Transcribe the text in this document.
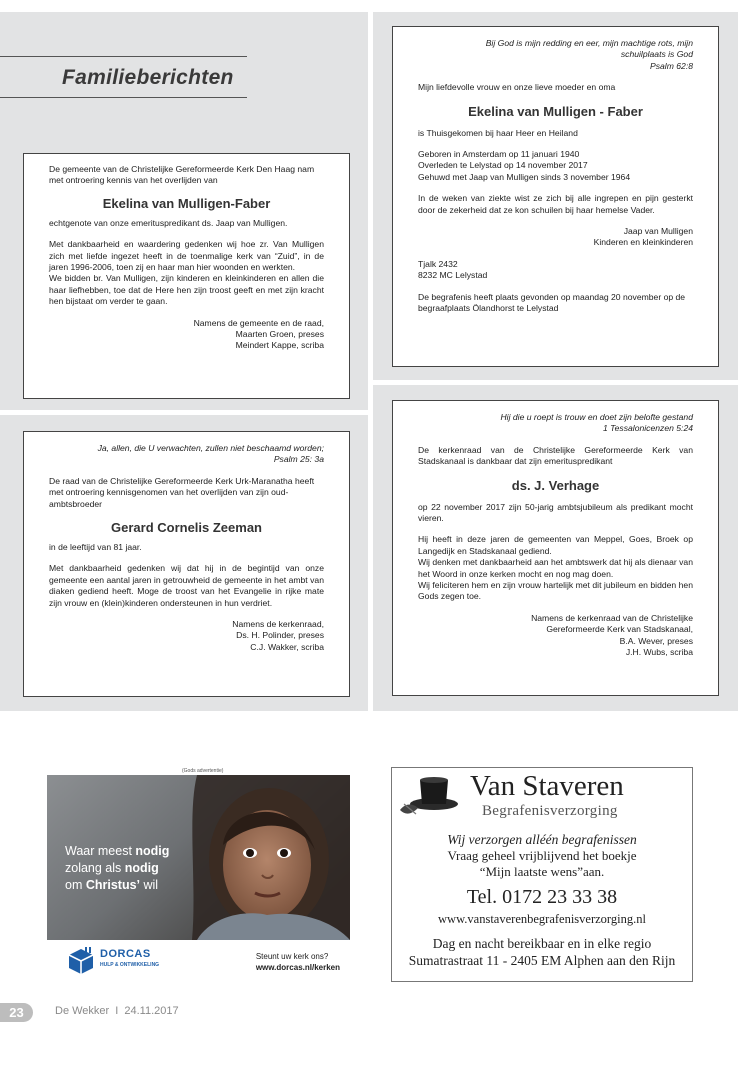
Familieberichten

De gemeente van de Christelijke Gereformeerde Kerk Den Haag nam met ontroering kennis van het overlijden van

Ekelina van Mulligen-Faber

echtgenote van onze emerituspredikant ds. Jaap van Mulligen.

Met dankbaarheid en waardering gedenken wij hoe zr. Van Mulligen zich met liefde ingezet heeft in de toenmalige kerk van “Zuid”, in de jaren 1996-2006, toen zij en haar man hier woonden en werkten.

We bidden br. Van Mulligen, zijn kinderen en kleinkinderen en allen die haar liefhebben, toe dat de Here hen zijn troost geeft en met zijn kracht hen bijstaat om verder te gaan.

Namens de gemeente en de raad,

Maarten Groen, preses

Meindert Kappe, scriba

Bij God is mijn redding en eer, mijn machtige rots, mijn schuilplaats is God

Psalm 62:8

Mijn liefdevolle vrouw en onze lieve moeder en oma

Ekelina van Mulligen - Faber

is Thuisgekomen bij haar Heer en Heiland

Geboren in Amsterdam op 11 januari 1940

Overleden te Lelystad op 14 november 2017

Gehuwd met Jaap van Mulligen sinds 3 november 1964

In de weken van ziekte wist ze zich bij alle ingrepen en pijn gesterkt door de zekerheid dat ze kon schuilen bij haar hemelse Vader.

Jaap van Mulligen

Kinderen en kleinkinderen

Tjalk 2432

8232 MC Lelystad

De begrafenis heeft plaats gevonden op maandag 20 november op de begraafplaats Ölandhorst te Lelystad

Ja, allen, die U verwachten, zullen niet beschaamd worden;

Psalm 25: 3a

De raad van de Christelijke Gereformeerde Kerk Urk-Maranatha heeft met ontroering kennisgenomen van het overlijden van zijn oud-ambtsbroeder

Gerard Cornelis Zeeman

in de leeftijd van 81 jaar.

Met dankbaarheid gedenken wij dat hij in de begintijd van onze gemeente een aantal jaren in getrouwheid de gemeente in het ambt van diaken gediend heeft. Moge de troost van het Evangelie in rijke mate zijn vrouw en (klein)kinderen ondersteunen in hun verdriet.

Namens de kerkenraad,

Ds. H. Polinder, preses

C.J. Wakker, scriba

Hij die u roept is trouw en doet zijn belofte gestand

1 Tessalonicenzen 5:24

De kerkenraad van de Christelijke Gereformeerde Kerk van Stadskanaal is dankbaar dat zijn emerituspredikant

ds. J. Verhage

op 22 november 2017 zijn 50-jarig ambtsjubileum als predikant mocht vieren.

Hij heeft in deze jaren de gemeenten van Meppel, Goes, Broek op Langedijk en Stadskanaal gediend.

Wij denken met dankbaarheid aan het ambtswerk dat hij als dienaar van het Woord in onze kerken mocht en nog mag doen.

Wij feliciteren hem en zijn vrouw hartelijk met dit jubileum en bidden hen Gods zegen toe.

Namens de kerkenraad van de Christelijke

Gereformeerde Kerk van Stadskanaal,

B.A. Wever, preses

J.H. Wubs, scriba

(Gods advertentie)
Waar meest nodig
zolang als nodig
om Christus’ wil
DORCAS
HULP & ONTWIKKELING
Steunt uw kerk ons?
www.dorcas.nl/kerken
Van Staveren
Begrafenisverzorging
Wij verzorgen alléén begrafenissen
Vraag geheel vrijblijvend het boekje
“Mijn laatste wens”aan.
Tel. 0172 23 33 38
www.vanstaverenbegrafenisverzorging.nl
Dag en nacht bereikbaar en in elke regio
Sumatrastraat 11 - 2405 EM Alphen aan den Rijn
23	De Wekker I 24.11.2017
